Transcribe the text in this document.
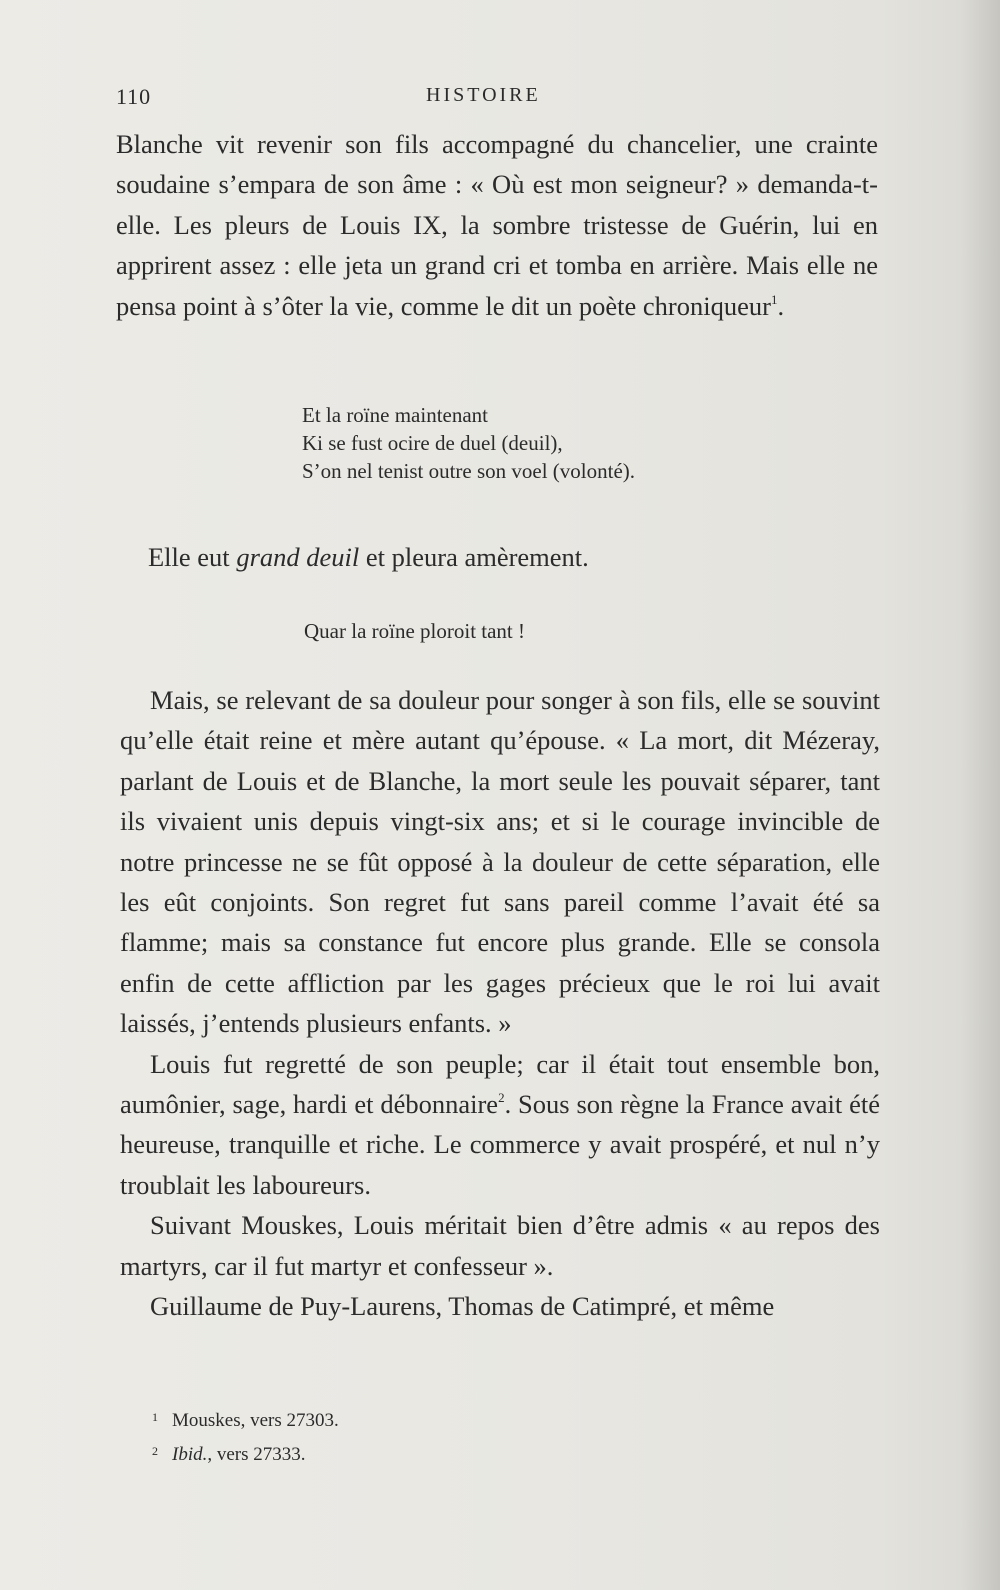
110	HISTOIRE

Blanche vit revenir son fils accompagné du chancelier, une crainte soudaine s’empara de son âme : « Où est mon seigneur? » demanda-t-elle. Les pleurs de Louis IX, la sombre tristesse de Guérin, lui en apprirent assez : elle jeta un grand cri et tomba en arrière. Mais elle ne pensa point à s’ôter la vie, comme le dit un poète chroniqueur$^1$.

Et la roïne maintenant
Ki se fust ocire de duel (deuil),
S’on nel tenist outre son voel (volonté).
Elle eut grand deuil et pleura amèrement.
Quar la roïne ploroit tant !

Mais, se relevant de sa douleur pour songer à son fils, elle se souvint qu’elle était reine et mère autant qu’épouse. « La mort, dit Mézeray, parlant de Louis et de Blanche, la mort seule les pouvait séparer, tant ils vivaient unis depuis vingt-six ans; et si le courage invincible de notre princesse ne se fût opposé à la douleur de cette séparation, elle les eût conjoints. Son regret fut sans pareil comme l’avait été sa flamme; mais sa constance fut encore plus grande. Elle se consola enfin de cette affliction par les gages précieux que le roi lui avait laissés, j’entends plusieurs enfants. »

Louis fut regretté de son peuple; car il était tout ensemble bon, aumônier, sage, hardi et débonnaire$^2$. Sous son règne la France avait été heureuse, tranquille et riche. Le commerce y avait prospéré, et nul n’y troublait les laboureurs.

Suivant Mouskes, Louis méritait bien d’être admis « au repos des martyrs, car il fut martyr et confesseur ».

Guillaume de Puy-Laurens, Thomas de Catimpré, et même

1 Mouskes, vers 27303.
2 Ibid., vers 27333.
